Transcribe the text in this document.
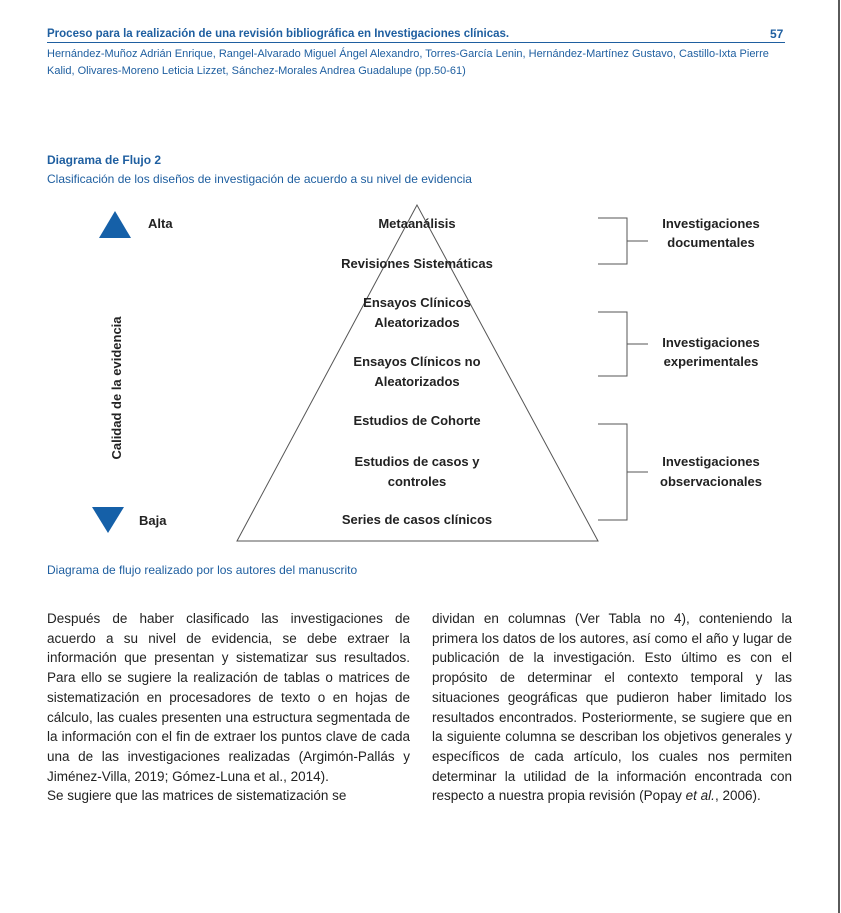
Proceso para la realización de una revisión bibliográfica en Investigaciones clínicas.	57
Hernández-Muñoz Adrián Enrique, Rangel-Alvarado Miguel Ángel Alexandro, Torres-García Lenin, Hernández-Martínez Gustavo, Castillo-Ixta Pierre Kalid, Olivares-Moreno Leticia Lizzet, Sánchez-Morales Andrea Guadalupe (pp.50-61)
Diagrama de Flujo 2
Clasificación de los diseños de investigación de acuerdo a su nivel de evidencia
Alta
Baja
Calidad de la evidencia
Metaanálisis
Revisiones Sistemáticas
Ensayos Clínicos
Aleatorizados
Ensayos Clínicos no
Aleatorizados
Estudios de Cohorte
Estudios de casos y
controles
Series de casos clínicos
Investigaciones
documentales
Investigaciones
experimentales
Investigaciones
observacionales
Diagrama de flujo realizado por los autores del manuscrito

Después de haber clasificado las investigaciones de acuerdo a su nivel de evidencia, se debe extraer la información que presentan y sistematizar sus resultados. Para ello se sugiere la realización de tablas o matrices de sistematización en procesadores de texto o en hojas de cálculo, las cuales presenten una estructura segmentada de la información con el fin de extraer los puntos clave de cada una de las investigaciones realizadas (Argimón-Pallás y Jiménez-Villa, 2019; Gómez-Luna et al., 2014).

Se sugiere que las matrices de sistematización se

dividan en columnas (Ver Tabla no 4), conteniendo la primera los datos de los autores, así como el año y lugar de publicación de la investigación. Esto último es con el propósito de determinar el contexto temporal y las situaciones geográficas que pudieron haber limitado los resultados encontrados. Posteriormente, se sugiere que en la siguiente columna se describan los objetivos generales y específicos de cada artículo, los cuales nos permiten determinar la utilidad de la información encontrada con respecto a nuestra propia revisión (Popay et al., 2006).
